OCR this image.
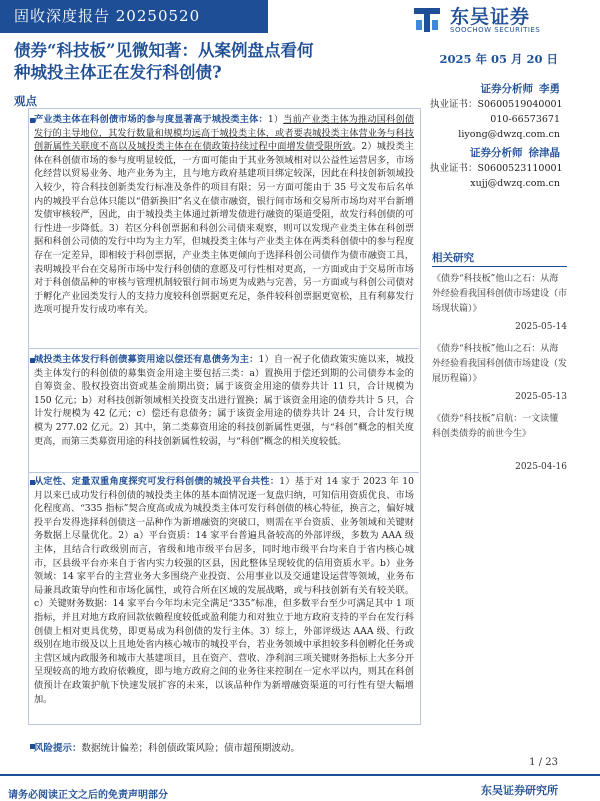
固收深度报告 20250520	东吴证券
SOOCHOW SECURITIES
债券“科技板”见微知著：从案例盘点看何
种城投主体正在发行科创债?
2025 年 05 月 20 日
证券分析师 李勇
执业证书：S0600519040001
010-66573671
liyong@dwzq.com.cn
证券分析师 徐津晶
执业证书：S0600523110001
xujj@dwzq.com.cn
相关研究
《债券“科技板”他山之石：从海外经验看我国科创债市场建设（市场现状篇）》
2025-05-14
《债券“科技板”他山之石：从海外经验看我国科创债市场建设（发展历程篇）》
2025-05-13
《债券“科技板”启航：一文读懂科创类债券的前世今生》
2025-04-16
观点
产业类主体在科创债市场的参与度显著高于城投类主体：1）当前产业类主体为推动国科创债发行的主导地位，其发行数量和规模均远高于城投类主体，或者要表城投类主体营业务与科技创新属性关联度不高以及城投类主体在在债政策持续过程中面增发债受限所致。2）城投类主体在科创债市场的参与度明显较低，一方面可能由于其业务领域相对以公益性运营居多，市场化经营以贸易业务、地产业务为主，且与地方政府基建项目绑定较深，因此在科技创新领域投入较少，符合科技创新类发行标准及条件的项目有限；另一方面可能由于 35 号文发布后名单内的城投平台总体只能以“借新换旧”名义在债市融资，银行间市场和交易所市场均对平台新增发债审核较严，因此，由于城投类主体通过新增发债进行融资的渠道受阻，故发行科创债的可行性进一步降低。3）若区分科创票据和科创公司债来观察，则可以发现产业类主体在科创票据和科创公司债的发行中均为主力军，但城投类主体与产业类主体在两类科创债中的参与程度存在一定差异，即相较于科创票据，产业类主体更倾向于选择科创公司债作为债市融资工具，表明城投平台在交易所市场中发行科创债的意愿及可行性相对更高，一方面或由于交易所市场对于科创债品种的审核与管理机制较银行间市场更为成熟与完善，另一方面或与科创公司债对于孵化产业园类发行人的支持力度较科创票据更充足，条件较科创票据更宽松，且有利募发行选项可提升发行成功率有关。
城投类主体发行科创债募资用途以偿还有息债务为主：1）自一祝子化债政策实施以来，城投类主体发行的科创债的募集资金用途主要包括三类：a）置换用于偿还到期的公司债券本金的自筹资金、股权投资出资或基金前期出资；属于该资金用途的债券共计 11 只，合计规模为 150 亿元；b）对科技创新领域相关投资支出进行置换；属于该资金用途的债券共计 5 只，合计发行规模为 42 亿元；c）偿还有息债务；属于该资金用途的债券共计 24 只，合计发行规模为 277.02 亿元。2）其中，第二类募资用途的科技创新属性更强，与“科创”概念的相关度更高，而第三类募资用途的科技创新属性较弱，与“科创”概念的相关度较低。
从定性、定量双重角度探究可发行科创债的城投平台共性：1）基于对 14 家于 2023 年 10 月以来已成功发行科创债的城投类主体的基本面情况逐一复盘归纳，可知信用资质优良、市场化程度高、“335 指标”契合度高或成为城投类主体可发行科创债的核心特征，换言之，偏好城投平台发得选择科创债这一品种作为新增融资的突破口，则需在平台资质、业务领域和关键财务数据上尽量优化。2）a）平台资质：14 家平台普遍具备较高的外部评级，多数为 AAA 级主体，且结合行政级别而言，省级和地市级平台居多，同时地市级平台均来自于省内核心城市，区县级平台亦来自于省内实力较强的区县，因此整体呈现较优的信用资质水平。b）业务领域：14 家平台的主营业务大多围绕产业投资、公用事业以及交通建设运营等领域，业务布局兼具政策导向性和市场化属性，或符合所在区域的发展战略，或与科技创新有关有较关联。c）关键财务数据：14 家平台今年均未完全满足“335”标准，但多数平台至少可满足其中 1 项指标，并且对地方政府回款依赖程度较低或盈利能力和对独立于地方政府支持的平台在发行科创债上相对更具优势，即更易成为科创债的发行主体。3）综上，外部评级达 AAA 级、行政级别在地市级及以上且地处省内核心城市的城投平台，若业务领域中承担较多科创孵化任务或主营区域内政服务和城市大基建项目，且在资产、营收、净利润三项关键财务指标上大多分开呈现较高的地方政府依赖度，即与地方政府之间的业务往来控制在一定水平以内，则其在科创债预计在政策护航下快速发展扩容的未来，以该品种作为新增融资渠道的可行性有望大幅增加。
风险提示：数据统计偏差；科创债政策风险；债市超预期波动。
1 / 23
请务必阅读正文之后的免责声明部分	东吴证券研究所
